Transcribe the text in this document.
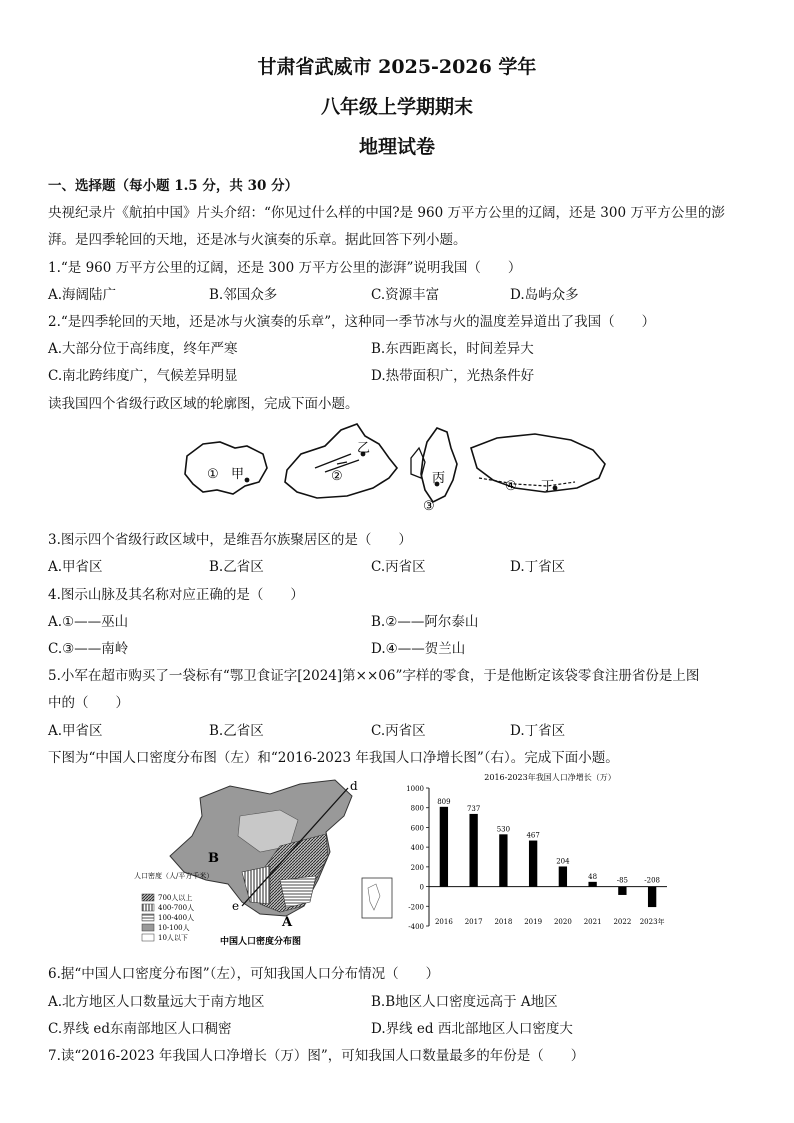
甘肃省武威市 2025-2026 学年
八年级上学期期末
地理试卷
一、选择题（每小题 1.5 分，共 30 分）
央视纪录片《航拍中国》片头介绍：“你见过什么样的中国?是 960 万平方公里的辽阔，还是 300 万平方公里的澎
湃。是四季轮回的天地，还是冰与火演奏的乐章。据此回答下列小题。
1.“是 960 万平方公里的辽阔，还是 300 万平方公里的澎湃”说明我国（　　）
A.海阔陆广	B.邻国众多	C.资源丰富	D.岛屿众多
2.“是四季轮回的天地，还是冰与火演奏的乐章”，这种同一季节冰与火的温度差异道出了我国（　　）
A.大部分位于高纬度，终年严寒	B.东西距离长，时间差异大
C.南北跨纬度广，气候差异明显	D.热带面积广，光热条件好
读我国四个省级行政区域的轮廓图，完成下面小题。
① 甲	②
乙
丙
③
④ 丁
3.图示四个省级行政区域中，是维吾尔族聚居区的是（　　）
A.甲省区	B.乙省区	C.丙省区	D.丁省区
4.图示山脉及其名称对应正确的是（　　）
A.①——巫山	B.②——阿尔泰山
C.③——南岭	D.④——贺兰山
5.小军在超市购买了一袋标有“鄂卫食证字[2024]第××06”字样的零食，于是他断定该袋零食注册省份是上图
中的（　　）
A.甲省区	B.乙省区	C.丙省区	D.丁省区
下图为“中国人口密度分布图（左）和“2016-2023 年我国人口净增长图”（右）。完成下面小题。
d
e
B
A
人口密度（人/平方千米）
700人以上
400-700人
100-400人
10-100人
10人以下	中国人口密度分布图
2016-2023年我国人口净增长（万）
1000
800
600
400
200
0
-200
-400
809
2016
737
2017
530
2018
467
2019
204
2020
48
2021
-85
2022
-208
2023年
6.据“中国人口密度分布图”（左），可知我国人口分布情况（　　）
A.北方地区人口数量远大于南方地区	B.B地区人口密度远高于 A地区
C.界线 ed东南部地区人口稠密	D.界线 ed 西北部地区人口密度大
7.读“2016-2023 年我国人口净增长（万）图”，可知我国人口数量最多的年份是（　　）
